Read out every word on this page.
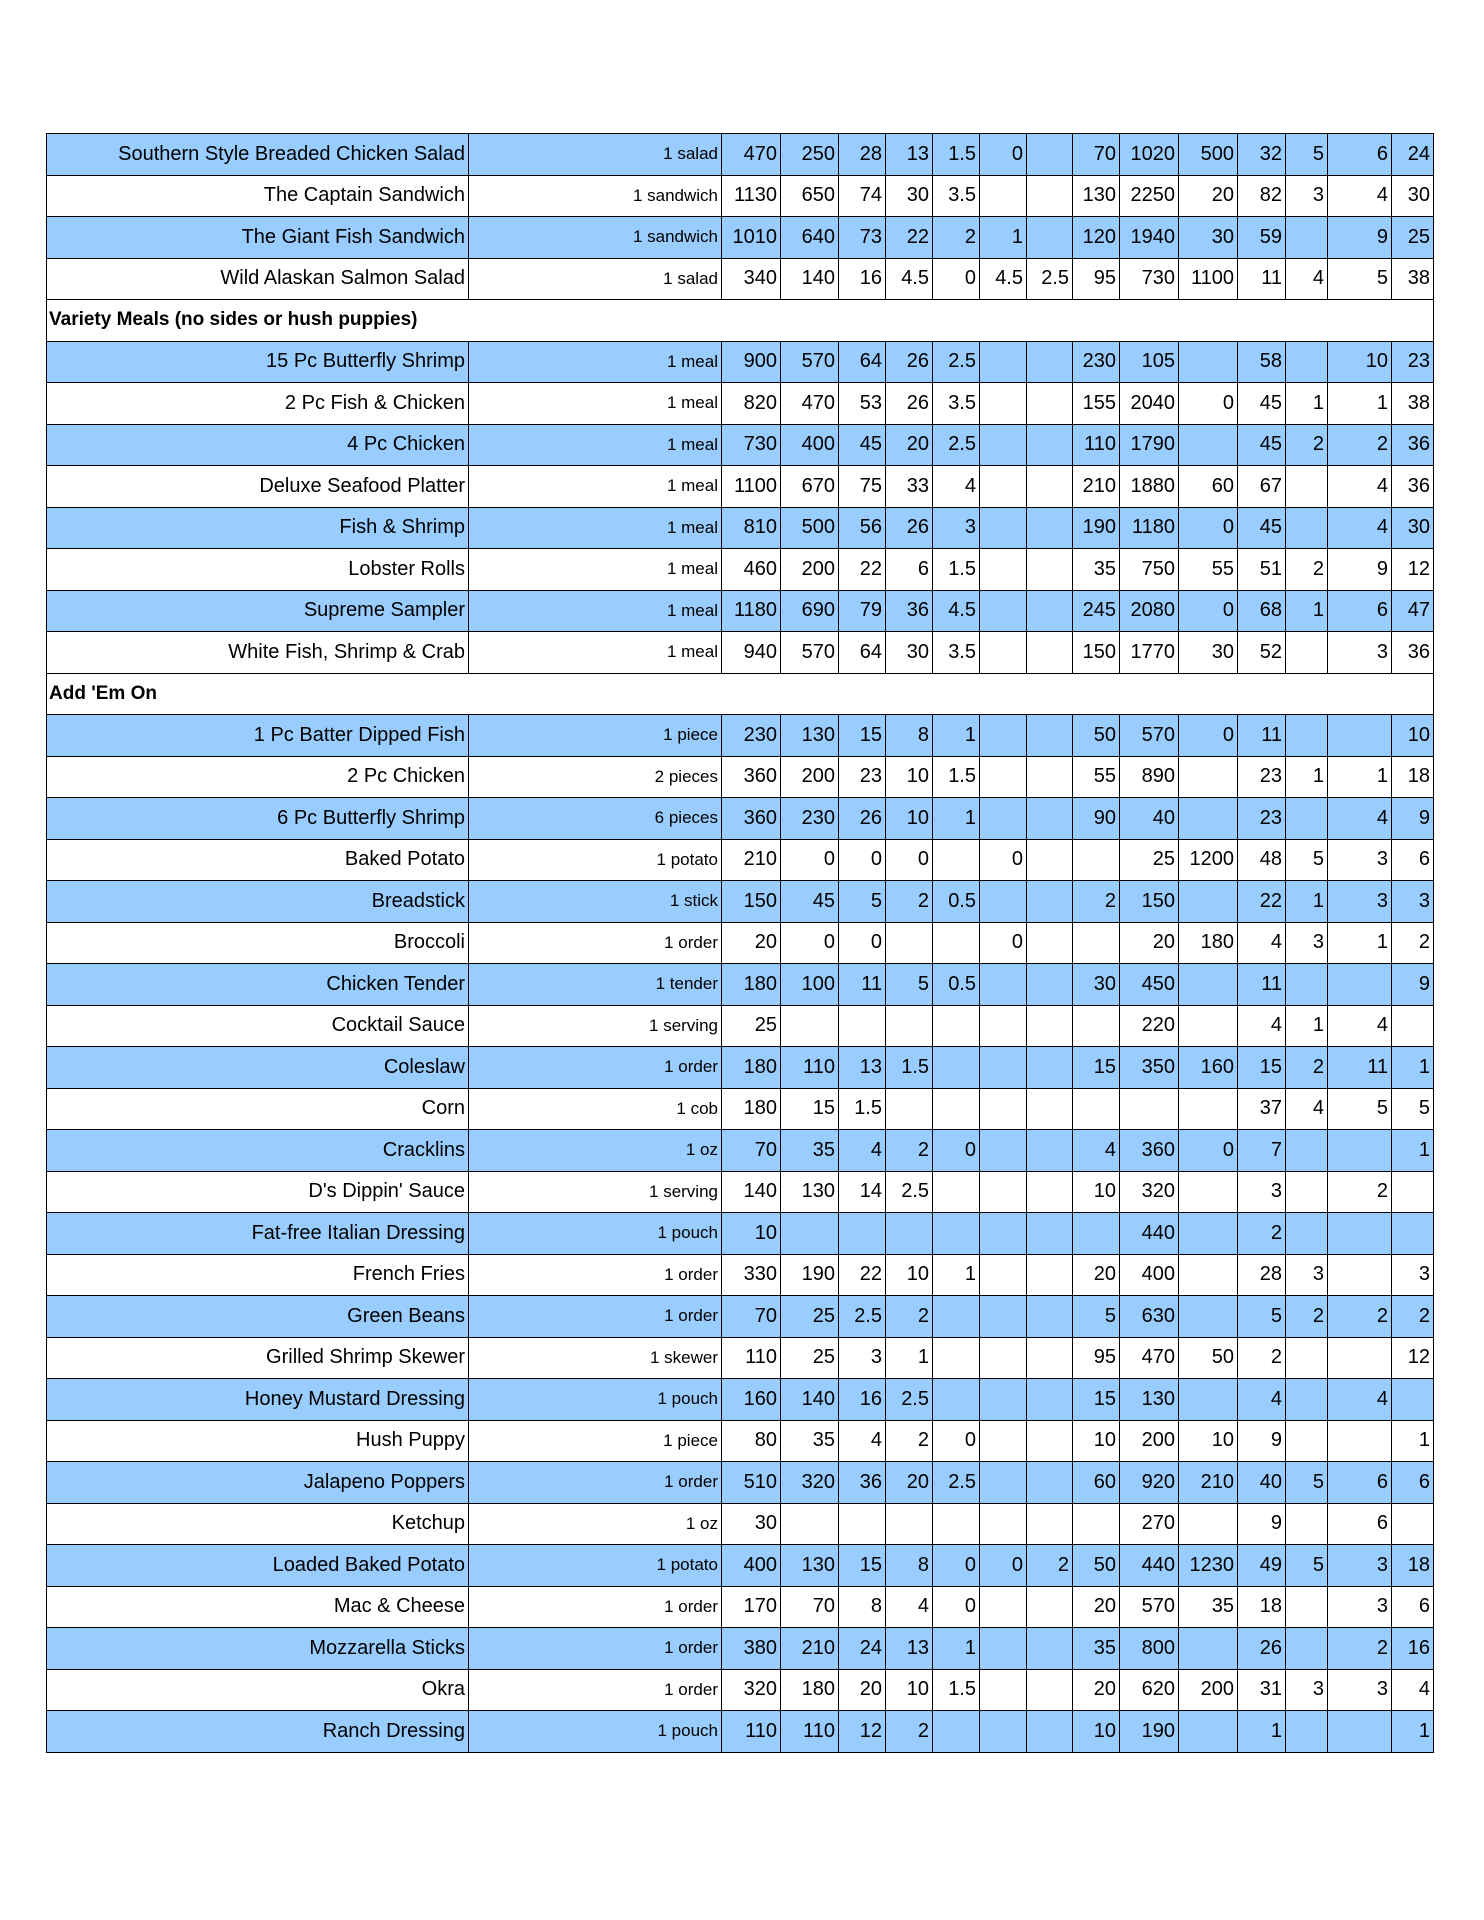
Southern Style Breaded Chicken Salad	1 salad	470	250	28	13	1.5	0		70	1020	500	32	5	6	24
The Captain Sandwich	1 sandwich	1130	650	74	30	3.5			130	2250	20	82	3	4	30
The Giant Fish Sandwich	1 sandwich	1010	640	73	22	2	1		120	1940	30	59		9	25
Wild Alaskan Salmon Salad	1 salad	340	140	16	4.5	0	4.5	2.5	95	730	1100	11	4	5	38
Variety Meals (no sides or hush puppies)															
15 Pc Butterfly Shrimp	1 meal	900	570	64	26	2.5			230	105		58		10	23
2 Pc Fish & Chicken	1 meal	820	470	53	26	3.5			155	2040	0	45	1	1	38
4 Pc Chicken	1 meal	730	400	45	20	2.5			110	1790		45	2	2	36
Deluxe Seafood Platter	1 meal	1100	670	75	33	4			210	1880	60	67		4	36
Fish & Shrimp	1 meal	810	500	56	26	3			190	1180	0	45		4	30
Lobster Rolls	1 meal	460	200	22	6	1.5			35	750	55	51	2	9	12
Supreme Sampler	1 meal	1180	690	79	36	4.5			245	2080	0	68	1	6	47
White Fish, Shrimp & Crab	1 meal	940	570	64	30	3.5			150	1770	30	52		3	36
Add 'Em On															
1 Pc Batter Dipped Fish	1 piece	230	130	15	8	1			50	570	0	11			10
2 Pc Chicken	2 pieces	360	200	23	10	1.5			55	890		23	1	1	18
6 Pc Butterfly Shrimp	6 pieces	360	230	26	10	1			90	40		23		4	9
Baked Potato	1 potato	210	0	0	0		0			25	1200	48	5	3	6
Breadstick	1 stick	150	45	5	2	0.5			2	150		22	1	3	3
Broccoli	1 order	20	0	0			0			20	180	4	3	1	2
Chicken Tender	1 tender	180	100	11	5	0.5			30	450		11			9
Cocktail Sauce	1 serving	25								220		4	1	4	
Coleslaw	1 order	180	110	13	1.5				15	350	160	15	2	11	1
Corn	1 cob	180	15	1.5								37	4	5	5
Cracklins	1 oz	70	35	4	2	0			4	360	0	7			1
D's Dippin' Sauce	1 serving	140	130	14	2.5				10	320		3		2	
Fat-free Italian Dressing	1 pouch	10								440		2			
French Fries	1 order	330	190	22	10	1			20	400		28	3		3
Green Beans	1 order	70	25	2.5	2				5	630		5	2	2	2
Grilled Shrimp Skewer	1 skewer	110	25	3	1				95	470	50	2			12
Honey Mustard Dressing	1 pouch	160	140	16	2.5				15	130		4		4	
Hush Puppy	1 piece	80	35	4	2	0			10	200	10	9			1
Jalapeno Poppers	1 order	510	320	36	20	2.5			60	920	210	40	5	6	6
Ketchup	1 oz	30								270		9		6	
Loaded Baked Potato	1 potato	400	130	15	8	0	0	2	50	440	1230	49	5	3	18
Mac & Cheese	1 order	170	70	8	4	0			20	570	35	18		3	6
Mozzarella Sticks	1 order	380	210	24	13	1			35	800		26		2	16
Okra	1 order	320	180	20	10	1.5			20	620	200	31	3	3	4
Ranch Dressing	1 pouch	110	110	12	2				10	190		1			1
